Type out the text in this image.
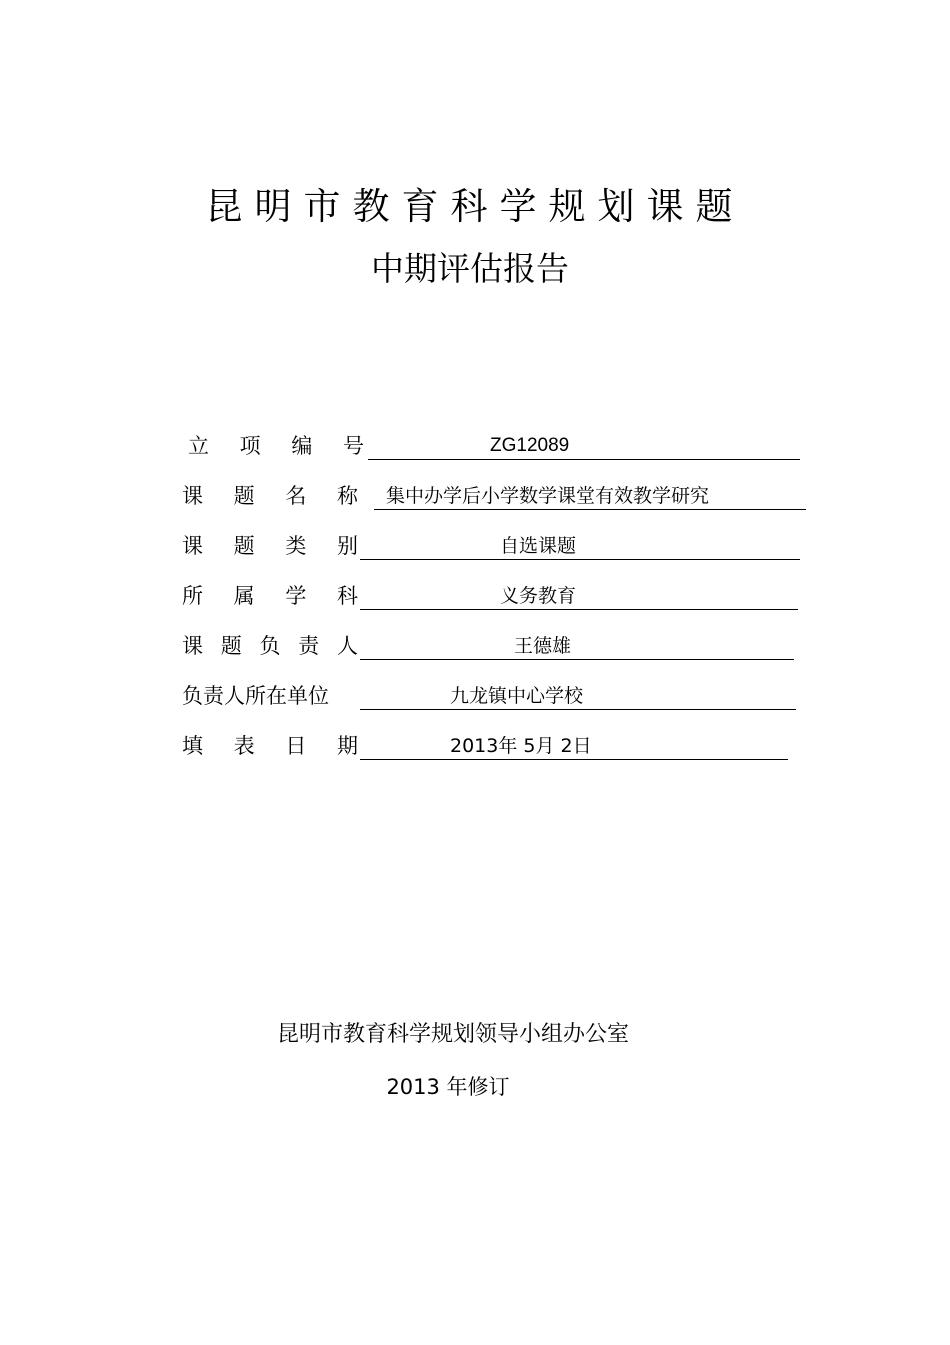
昆明市教育科学规划课题
中期评估报告
立 项 编 号	ZG12089
课 题 名 称 集中办学后小学数学课堂有效教学研究
课 题 类 别	自选课题
所 属 学 科	义务教育
课 题 负 责 人	王德雄
负责人所在单位	九龙镇中心学校
填 表 日 期	2013年 5月 2日
昆明市教育科学规划领导小组办公室
2013 年修订
